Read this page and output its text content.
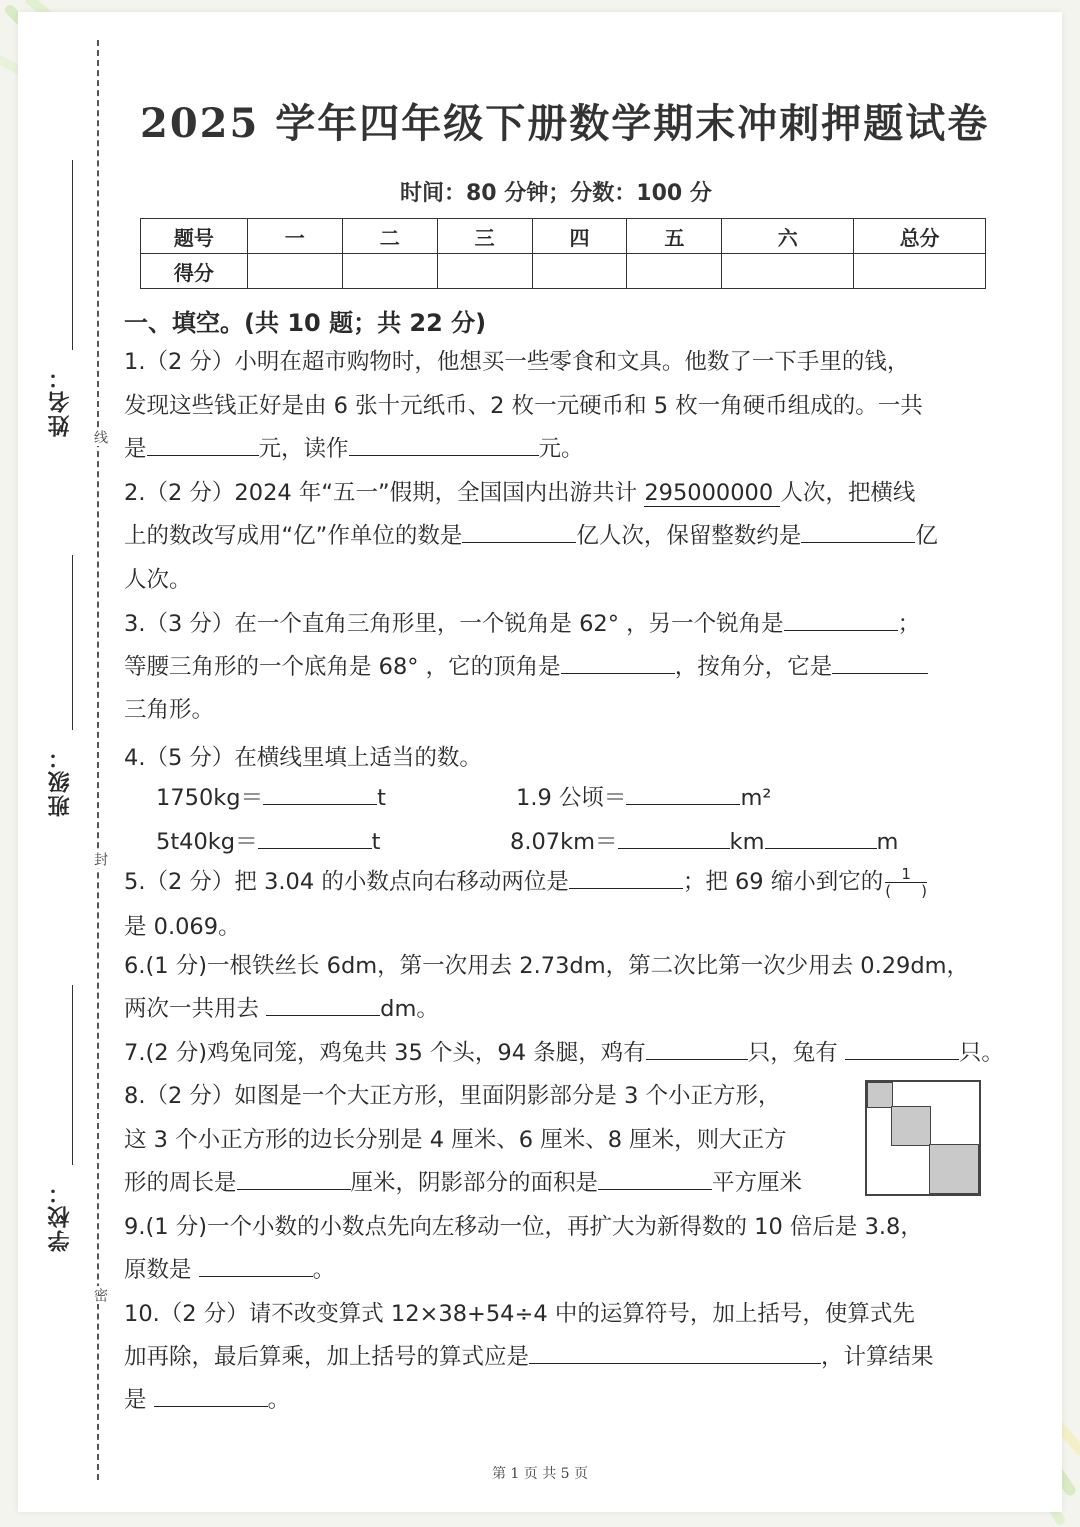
线
封
密
姓名：
班级：
学校：
2025 学年四年级下册数学期末冲刺押题试卷
时间：80 分钟；分数：100 分
题号	一	二	三	四	五	六	总分
得分							
一、填空。(共 10 题；共 22 分)
1.（2 分）小明在超市购物时，他想买一些零食和文具。他数了一下手里的钱，
发现这些钱正好是由 6 张十元纸币、2 枚一元硬币和 5 枚一角硬币组成的。一共
是	元，读作	元。
2.（2 分）2024 年“五一”假期，全国国内出游共计 295000000 人次，把横线
上的数改写成用“亿”作单位的数是	亿人次，保留整数约是	亿
人次。
3.（3 分）在一个直角三角形里，一个锐角是 62° ，另一个锐角是	；
等腰三角形的一个底角是 68° ，它的顶角是	，按角分，它是
三角形。
4.（5 分）在横线里填上适当的数。
1750kg＝	t	1.9 公顷＝	m²
5t40kg＝	t	8.07km＝	km	m
5.（2 分）把 3.04 的小数点向右移动两位是	；把 69 缩小到它的 $\frac{1}{( )}$
是 0.069。
6.(1 分)一根铁丝长 6dm，第一次用去 2.73dm，第二次比第一次少用去 0.29dm，
两次一共用去	dm。
7.(2 分)鸡兔同笼，鸡兔共 35 个头，94 条腿，鸡有	只，兔有	只。
8.（2 分）如图是一个大正方形，里面阴影部分是 3 个小正方形，
这 3 个小正方形的边长分别是 4 厘米、6 厘米、8 厘米，则大正方
形的周长是	厘米，阴影部分的面积是	平方厘米
9.(1 分)一个小数的小数点先向左移动一位，再扩大为新得数的 10 倍后是 3.8，
原数是	。
10.（2 分）请不改变算式 12×38+54÷4 中的运算符号，加上括号，使算式先
加再除，最后算乘，加上括号的算式应是	，计算结果
是	。
第 1 页 共 5 页
